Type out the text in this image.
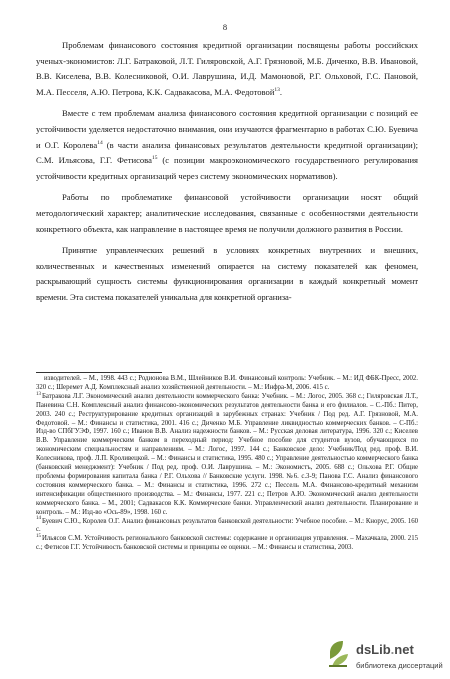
8

Проблемам финансового состояния кредитной организации посвящены работы российских ученых-экономистов: Л.Г. Батраковой, Л.Т. Гиляровской, А.Г. Грязновой, М.Б. Диченко, В.В. Ивановой, В.В. Киселева, В.В. Колесниковой, О.И. Лаврушина, И.Д. Мамоновой, Р.Г. Ольховой, Г.С. Пановой, М.А. Песселя, А.Ю. Петрова, К.К. Садвакасова, М.А. Федотовой$^{13}$.

Вместе с тем проблемам анализа финансового состояния кредитной организации с позиций ее устойчивости уделяется недостаточно внимания, они изучаются фрагментарно в работах С.Ю. Буевича и О.Г. Королева$^{14}$ (в части анализа финансовых результатов деятельности кредитной организации); С.М. Ильясова, Г.Г. Фетисова$^{15}$ (с позиции макроэкономического государственного регулирования устойчивости кредитных организаций через систему экономических нормативов).

Работы по проблематике финансовой устойчивости организации носят общий методологический характер; аналитические исследования, связанные с особенностями деятельности конкретного объекта, как направление в настоящее время не получили должного развития в России.

Принятие управленческих решений в условиях конкретных внутренних и внешних, количественных и качественных изменений опирается на систему показателей как феномен, раскрывающий сущность системы функционирования организации в каждый конкретный момент времени. Эта система показателей уникальна для конкретной организа-

изводителей. – М., 1998. 443 с.; Родионова В.М., Шлейников В.И. Финансовый контроль: Учебник. – М.: ИД ФБК-Пресс, 2002. 320 с.; Шеремет А.Д. Комплексный анализ хозяйственной деятельности. – М.: Инфра-М, 2006. 415 с.

$^{13}$Батракова Л.Г. Экономический анализ деятельности коммерческого банка: Учебник. – М.: Логос, 2005. 368 с.; Гиляровская Л.Т., Паневина С.Н. Комплексный анализ финансово-экономических результатов деятельности банка и его филиалов. – С.-Пб.: Питер, 2003. 240 с.; Реструктурирование кредитных организаций в зарубежных странах: Учебник / Под ред. А.Г. Грязновой, М.А. Федотовой. – М.: Финансы и статистика, 2001. 416 с.; Диченко М.Б. Управление ликвидностью коммерческих банков. – С-Пб.: Изд-во СПбГУЭФ, 1997. 160 с.; Иванов В.В. Анализ надежности банков. – М.: Русская деловая литература, 1996. 320 с.; Киселев В.В. Управление коммерческим банком в переходный период: Учебное пособие для студентов вузов, обучающихся по экономическим специальностям и направлениям. – М.: Логос, 1997. 144 с.; Банковское дело: Учебник/Под ред. проф. В.И. Колесникова, проф. Л.П. Кроливецкой. – М.: Финансы и статистика, 1995. 480 с.; Управление деятельностью коммерческого банка (банковский менеджмент): Учебник / Под ред. проф. О.И. Лаврушина. – М.: Экономистъ, 2005. 688 с.; Ольхова Р.Г. Общие проблемы формирования капитала банка / Р.Г. Ольхова // Банковские услуги. 1998. №6. с.3-9; Панова Г.С. Анализ финансового состояния коммерческого банка. – М.: Финансы и статистика, 1996. 272 с.; Пессель М.А. Финансово-кредитный механизм интенсификации общественного производства. – М.: Финансы, 1977. 221 с.; Петров А.Ю. Экономический анализ деятельности коммерческого банка. – М., 2001; Садвакасов К.К. Коммерческие банки. Управленческий анализ деятельности. Планирование и контроль. – М.: Изд-во «Ось-89», 1998. 160 с.

$^{14}$Буевич С.Ю., Королев О.Г. Анализ финансовых результатов банковской деятельности: Учебное пособие. – М.: Кнорус, 2005. 160 с.

$^{15}$Ильясов С.М. Устойчивость регионального банковской системы: содержание и организация управления. – Махачкала, 2000. 215 с.; Фетисов Г.Г. Устойчивость банковской системы и принципы ее оценки. – М.: Финансы и статистика, 2003.

dsLib.net
библиотека диссертаций
